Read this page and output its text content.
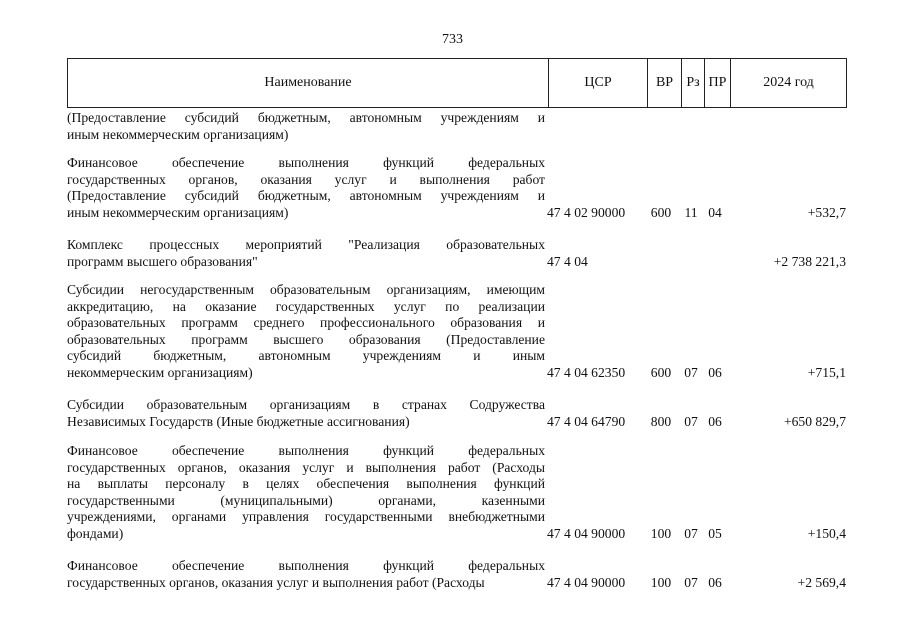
733
Наименование	ЦСР	ВР Рз ПР	2024 год
(Предоставление субсидий бюджетным, автономным учреждениям и
иным некоммерческим организациям)
Финансовое обеспечение выполнения функций федеральных
государственных органов, оказания услуг и выполнения работ
(Предоставление субсидий бюджетным, автономным учреждениям и
иным некоммерческим организациям)	47 4 02 90000	600 11 04	+532,7
Комплекс процессных мероприятий "Реализация образовательных
программ высшего образования"	47 4 04	+2 738 221,3
Субсидии негосударственным образовательным организациям, имеющим
аккредитацию, на оказание государственных услуг по реализации
образовательных программ среднего профессионального образования и
образовательных программ высшего образования (Предоставление
субсидий бюджетным, автономным учреждениям и иным
некоммерческим организациям)	47 4 04 62350	600 07 06	+715,1
Субсидии образовательным организациям в странах Содружества
Независимых Государств (Иные бюджетные ассигнования)	47 4 04 64790	800 07 06	+650 829,7
Финансовое обеспечение выполнения функций федеральных
государственных органов, оказания услуг и выполнения работ (Расходы
на выплаты персоналу в целях обеспечения выполнения функций
государственными (муниципальными) органами, казенными
учреждениями, органами управления государственными внебюджетными
фондами)	47 4 04 90000	100 07 05	+150,4
Финансовое обеспечение выполнения функций федеральных
государственных органов, оказания услуг и выполнения работ (Расходы	47 4 04 90000	100 07 06	+2 569,4
